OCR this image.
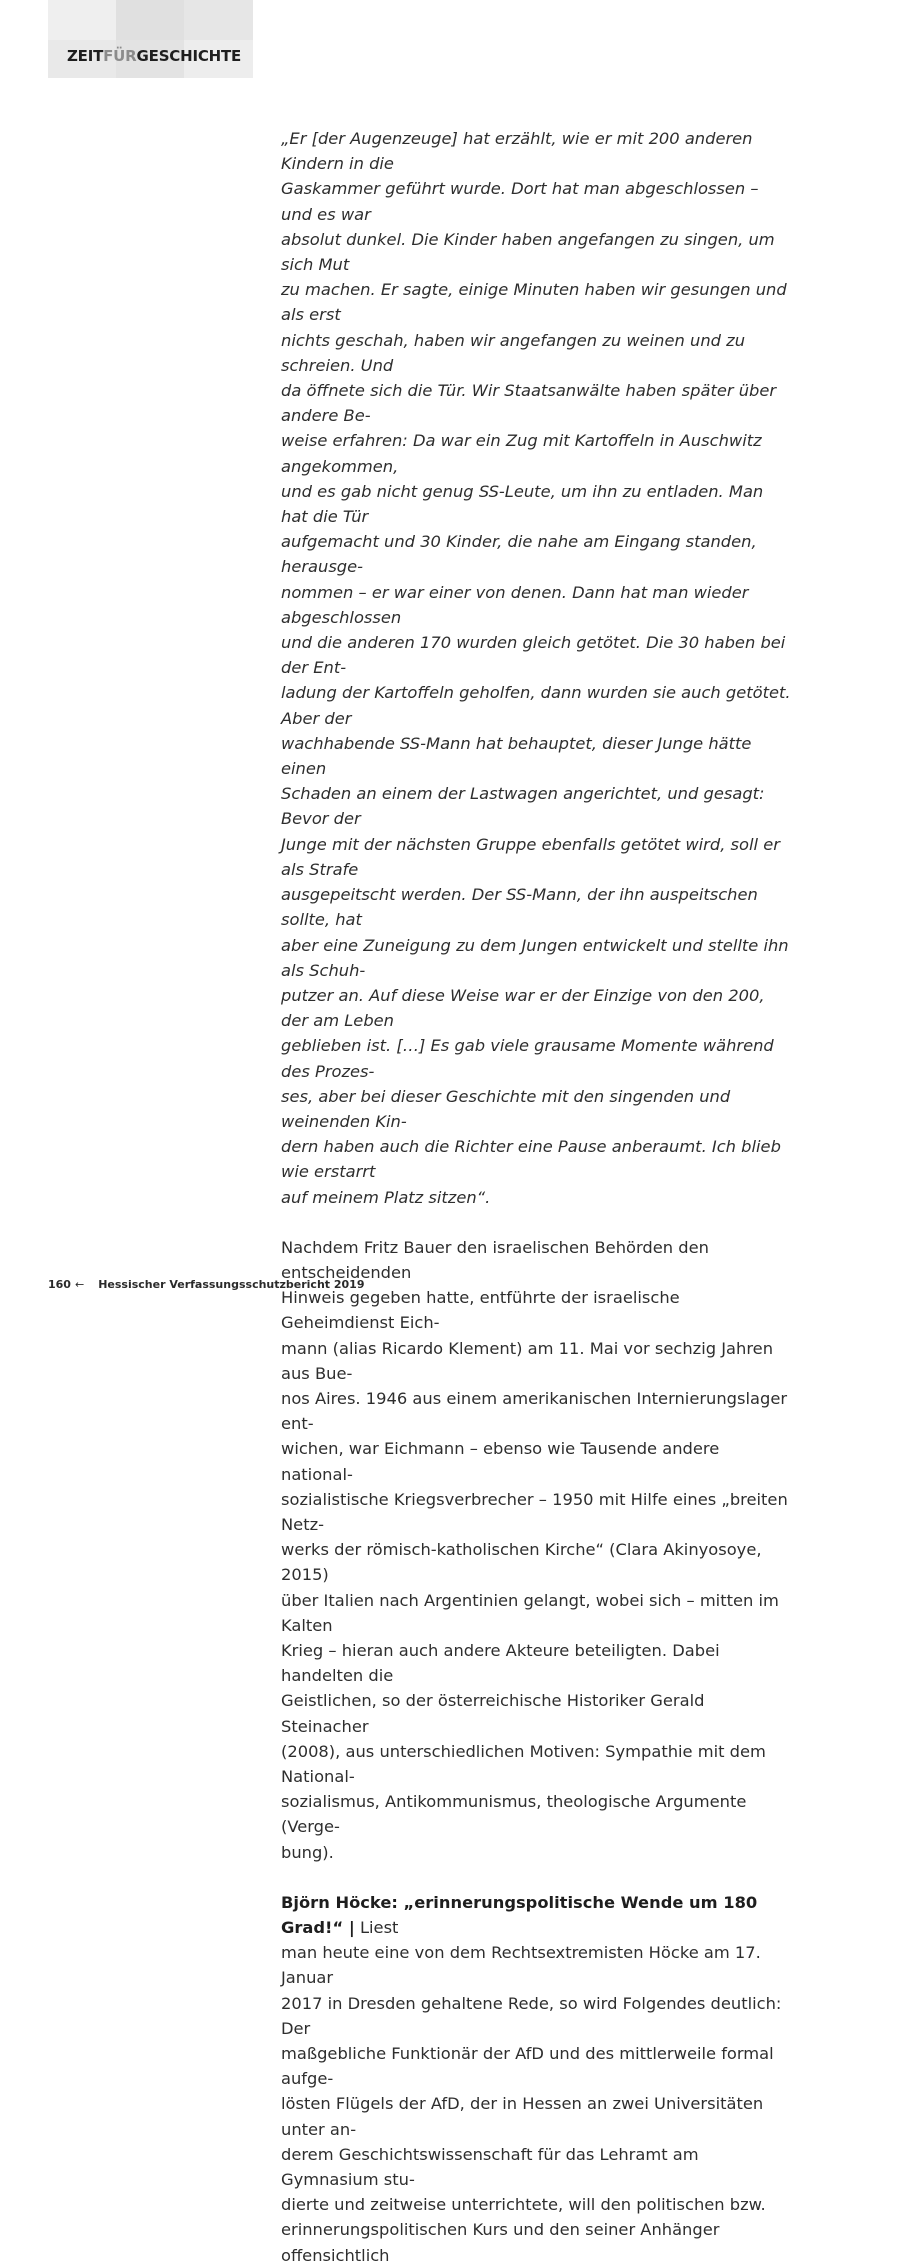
ZEITFÜRGESCHICHTE

„Er [der Augenzeuge] hat erzählt, wie er mit 200 anderen Kindern in die
Gaskammer geführt wurde. Dort hat man abgeschlossen – und es war
absolut dunkel. Die Kinder haben angefangen zu singen, um sich Mut
zu machen. Er sagte, einige Minuten haben wir gesungen und als erst
nichts geschah, haben wir angefangen zu weinen und zu schreien. Und
da öffnete sich die Tür. Wir Staatsanwälte haben später über andere Be-
weise erfahren: Da war ein Zug mit Kartoffeln in Auschwitz angekommen,
und es gab nicht genug SS-Leute, um ihn zu entladen. Man hat die Tür
aufgemacht und 30 Kinder, die nahe am Eingang standen, herausge-
nommen – er war einer von denen. Dann hat man wieder abgeschlossen
und die anderen 170 wurden gleich getötet. Die 30 haben bei der Ent-
ladung der Kartoffeln geholfen, dann wurden sie auch getötet. Aber der
wachhabende SS-Mann hat behauptet, dieser Junge hätte einen
Schaden an einem der Lastwagen angerichtet, und gesagt: Bevor der
Junge mit der nächsten Gruppe ebenfalls getötet wird, soll er als Strafe
ausgepeitscht werden. Der SS-Mann, der ihn auspeitschen sollte, hat
aber eine Zuneigung zu dem Jungen entwickelt und stellte ihn als Schuh-
putzer an. Auf diese Weise war er der Einzige von den 200, der am Leben
geblieben ist. […] Es gab viele grausame Momente während des Prozes-
ses, aber bei dieser Geschichte mit den singenden und weinenden Kin-
dern haben auch die Richter eine Pause anberaumt. Ich blieb wie erstarrt
auf meinem Platz sitzen“.

Nachdem Fritz Bauer den israelischen Behörden den entscheidenden
Hinweis gegeben hatte, entführte der israelische Geheimdienst Eich-
mann (alias Ricardo Klement) am 11. Mai vor sechzig Jahren aus Bue-
nos Aires. 1946 aus einem amerikanischen Internierungslager ent-
wichen, war Eichmann – ebenso wie Tausende andere national-
sozialistische Kriegsverbrecher – 1950 mit Hilfe eines „breiten Netz-
werks der römisch-katholischen Kirche“ (Clara Akinyosoye, 2015)
über Italien nach Argentinien gelangt, wobei sich – mitten im Kalten
Krieg – hieran auch andere Akteure beteiligten. Dabei handelten die
Geistlichen, so der österreichische Historiker Gerald Steinacher
(2008), aus unterschiedlichen Motiven: Sympathie mit dem National-
sozialismus, Antikommunismus, theologische Argumente (Verge-
bung).

Björn Höcke: „erinnerungspolitische Wende um 180 Grad!“ | Liest
man heute eine von dem Rechtsextremisten Höcke am 17. Januar
2017 in Dresden gehaltene Rede, so wird Folgendes deutlich: Der
maßgebliche Funktionär der AfD und des mittlerweile formal aufge-
lösten Flügels der AfD, der in Hessen an zwei Universitäten unter an-
derem Geschichtswissenschaft für das Lehramt am Gymnasium stu-
dierte und zeitweise unterrichtete, will den politischen bzw.
erinnerungspolitischen Kurs und den seiner Anhänger offensichtlich

160 ← Hessischer Verfassungsschutzbericht 2019
